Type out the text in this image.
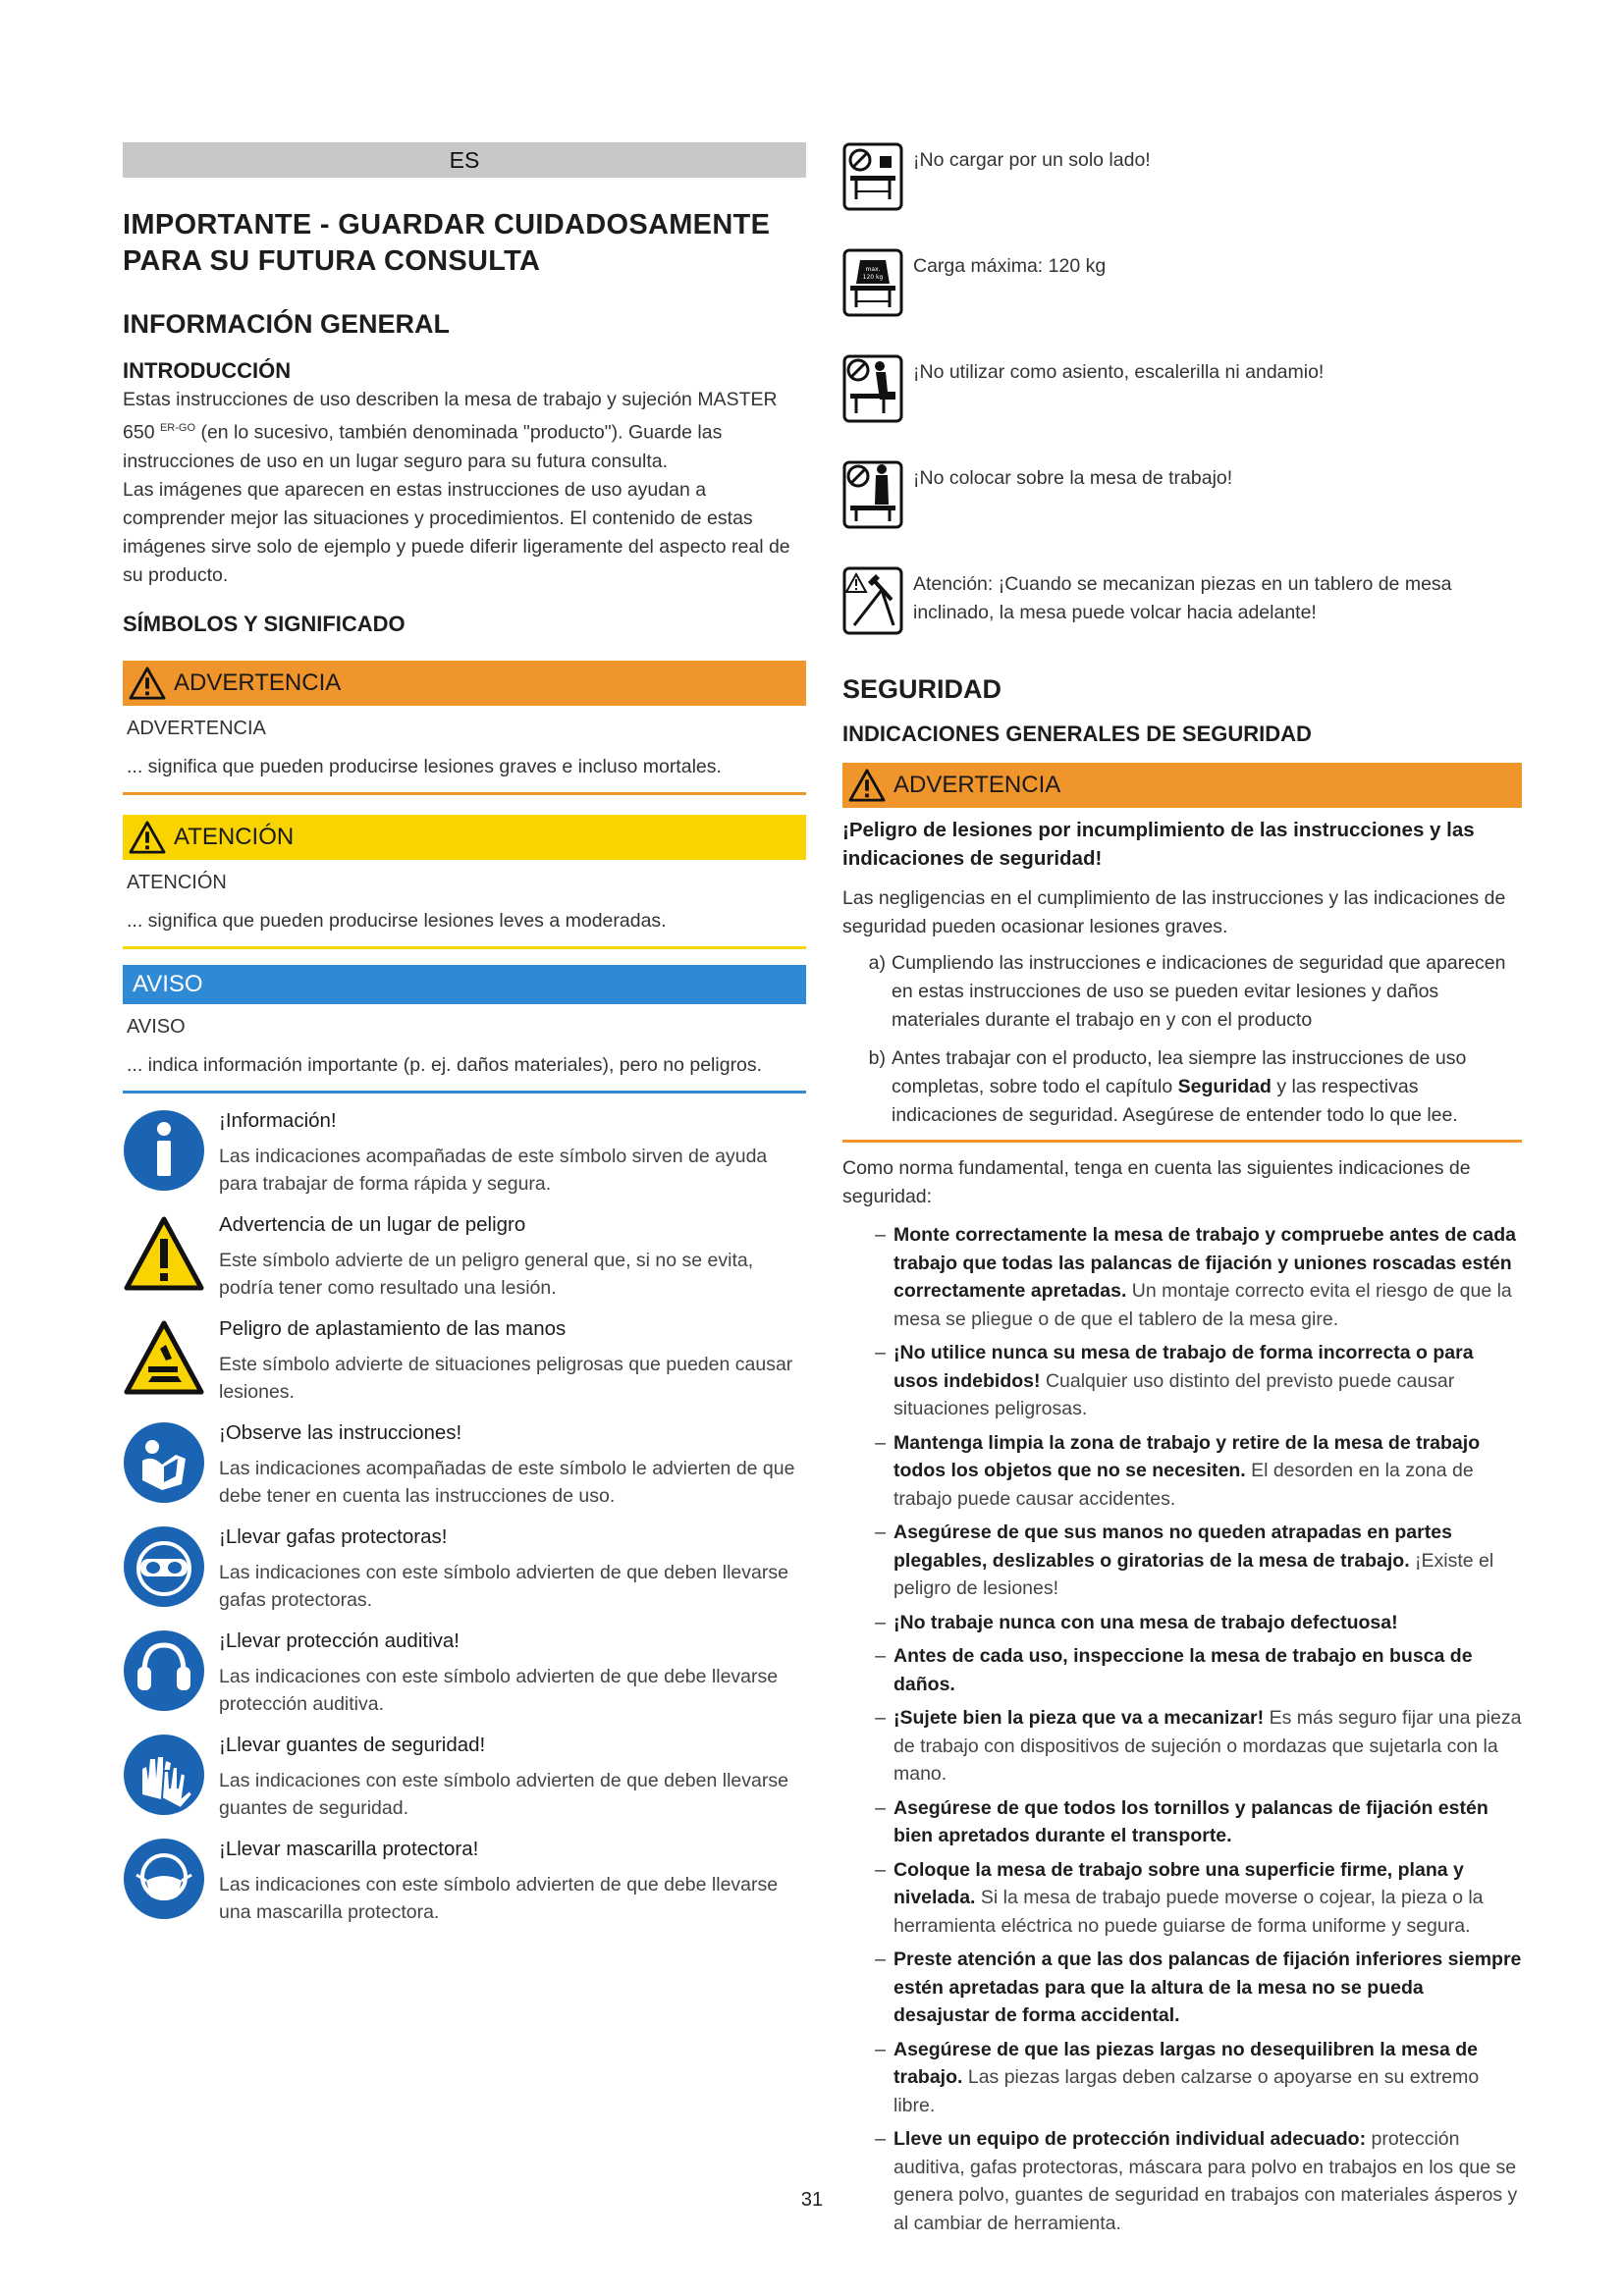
ES
IMPORTANTE - GUARDAR CUIDADOSAMENTE PARA SU FUTURA CONSULTA
INFORMACIÓN GENERAL
INTRODUCCIÓN

Estas instrucciones de uso describen la mesa de trabajo y sujeción MASTER 650 $^{ER-GO}$ (en lo sucesivo, también denominada "producto"). Guarde las instrucciones de uso en un lugar seguro para su futura consulta.

Las imágenes que aparecen en estas instrucciones de uso ayudan a comprender mejor las situaciones y procedimientos. El contenido de estas imágenes sirve solo de ejemplo y puede diferir ligeramente del aspecto real de su producto.

SÍMBOLOS Y SIGNIFICADO
ADVERTENCIA
ADVERTENCIA
... significa que pueden producirse lesiones graves e incluso mortales.
ATENCIÓN
ATENCIÓN
... significa que pueden producirse lesiones leves a moderadas.
AVISO
AVISO
... indica información importante (p. ej. daños materiales), pero no peligros.
¡Información!
Las indicaciones acompañadas de este símbolo sirven de ayuda para trabajar de forma rápida y segura.
Advertencia de un lugar de peligro
Este símbolo advierte de un peligro general que, si no se evita, podría tener como resultado una lesión.
Peligro de aplastamiento de las manos
Este símbolo advierte de situaciones peligrosas que pueden causar lesiones.
¡Observe las instrucciones!
Las indicaciones acompañadas de este símbolo le advierten de que debe tener en cuenta las instrucciones de uso.
¡Llevar gafas protectoras!
Las indicaciones con este símbolo advierten de que deben llevarse gafas protectoras.
¡Llevar protección auditiva!
Las indicaciones con este símbolo advierten de que debe llevarse protección auditiva.
¡Llevar guantes de seguridad!
Las indicaciones con este símbolo advierten de que deben llevarse guantes de seguridad.
¡Llevar mascarilla protectora!
Las indicaciones con este símbolo advierten de que debe llevarse una mascarilla protectora.
¡No cargar por un solo lado!
max.
120 kg
Carga máxima: 120 kg
¡No utilizar como asiento, escalerilla ni andamio!
¡No colocar sobre la mesa de trabajo!
Atención: ¡Cuando se mecanizan piezas en un tablero de mesa inclinado, la mesa puede volcar hacia adelante!
SEGURIDAD
INDICACIONES GENERALES DE SEGURIDAD
ADVERTENCIA
¡Peligro de lesiones por incumplimiento de las instrucciones y las indicaciones de seguridad!
Las negligencias en el cumplimiento de las instrucciones y las indicaciones de seguridad pueden ocasionar lesiones graves.
a) Cumpliendo las instrucciones e indicaciones de seguridad que aparecen en estas instrucciones de uso se pueden evitar lesiones y daños materiales durante el trabajo en y con el producto
b) Antes trabajar con el producto, lea siempre las instrucciones de uso completas, sobre todo el capítulo Seguridad y las respectivas indicaciones de seguridad. Asegúrese de entender todo lo que lee.
Como norma fundamental, tenga en cuenta las siguientes indicaciones de seguridad:
– Monte correctamente la mesa de trabajo y compruebe antes de cada trabajo que todas las palancas de fijación y uniones roscadas estén correctamente apretadas. Un montaje correcto evita el riesgo de que la mesa se pliegue o de que el tablero de la mesa gire.
– ¡No utilice nunca su mesa de trabajo de forma incorrecta o para usos indebidos! Cualquier uso distinto del previsto puede causar situaciones peligrosas.
– Mantenga limpia la zona de trabajo y retire de la mesa de trabajo todos los objetos que no se necesiten. El desorden en la zona de trabajo puede causar accidentes.
– Asegúrese de que sus manos no queden atrapadas en partes plegables, deslizables o giratorias de la mesa de trabajo. ¡Existe el peligro de lesiones!
– ¡No trabaje nunca con una mesa de trabajo defectuosa!
– Antes de cada uso, inspeccione la mesa de trabajo en busca de daños.
– ¡Sujete bien la pieza que va a mecanizar! Es más seguro fijar una pieza de trabajo con dispositivos de sujeción o mordazas que sujetarla con la mano.
– Asegúrese de que todos los tornillos y palancas de fijación estén bien apretados durante el transporte.
– Coloque la mesa de trabajo sobre una superficie firme, plana y nivelada. Si la mesa de trabajo puede moverse o cojear, la pieza o la herramienta eléctrica no puede guiarse de forma uniforme y segura.
– Preste atención a que las dos palancas de fijación inferiores siempre estén apretadas para que la altura de la mesa no se pueda desajustar de forma accidental.
– Asegúrese de que las piezas largas no desequilibren la mesa de trabajo. Las piezas largas deben calzarse o apoyarse en su extremo libre.
– Lleve un equipo de protección individual adecuado: protección auditiva, gafas protectoras, máscara para polvo en trabajos en los que se genera polvo, guantes de seguridad en trabajos con materiales ásperos y al cambiar de herramienta.
31
